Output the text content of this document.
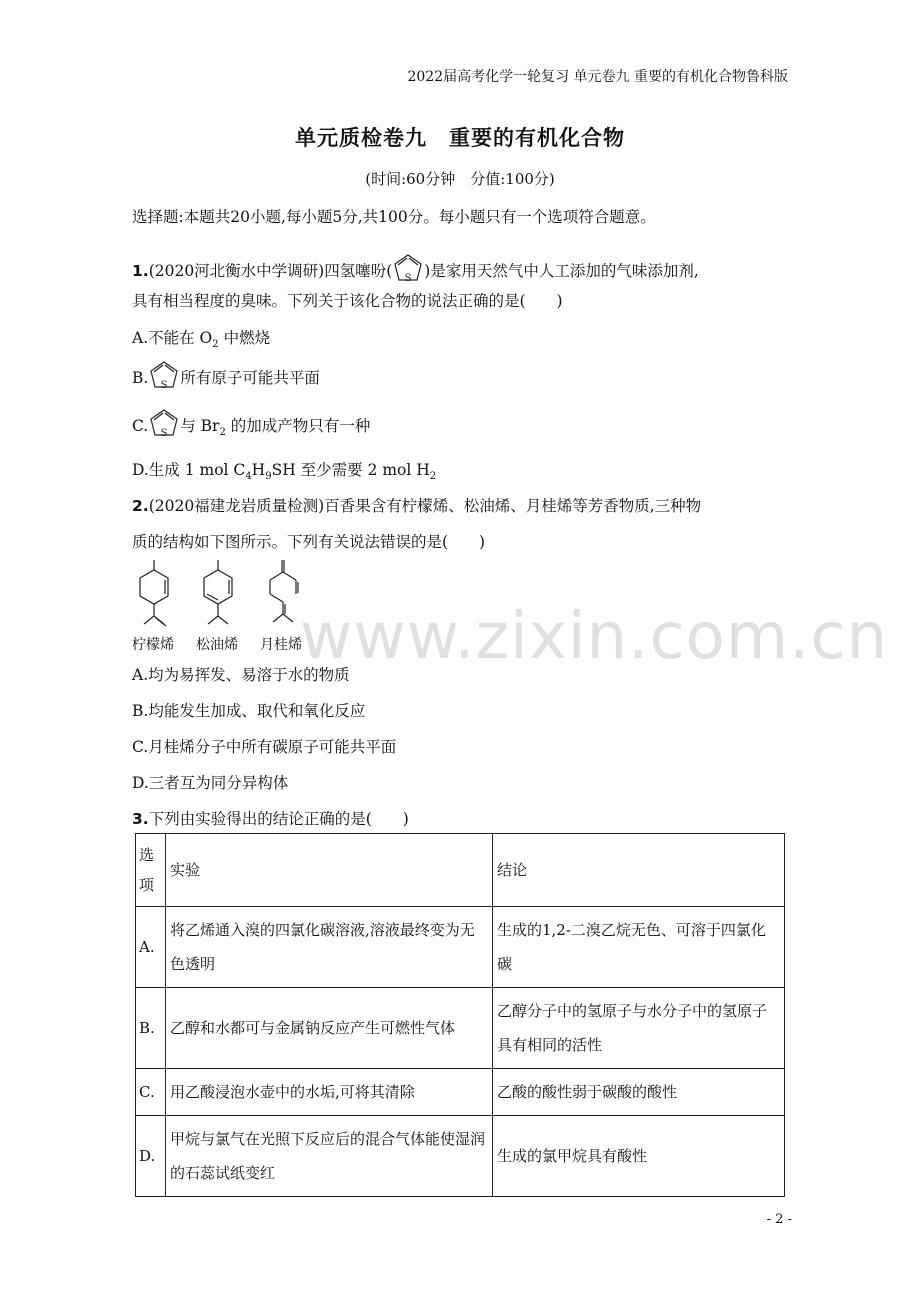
2022届高考化学一轮复习 单元卷九 重要的有机化合物鲁科版
单元质检卷九　重要的有机化合物
(时间:60分钟　分值:100分)
选择题:本题共20小题,每小题5分,共100分。每小题只有一个选项符合题意。
1.(2020河北衡水中学调研)四氢噻吩( S )是家用天然气中人工添加的气味添加剂,
具有相当程度的臭味。下列关于该化合物的说法正确的是(　　)
A.不能在 $O_2$ 中燃烧
B. S 所有原子可能共平面
C. S 与 $Br_2$ 的加成产物只有一种
D.生成 1 mol $C_4H_9SH$ 至少需要 2 mol $H_2$
2.(2020福建龙岩质量检测)百香果含有柠檬烯、松油烯、月桂烯等芳香物质,三种物
质的结构如下图所示。下列有关说法错误的是(　　)
柠檬烯 松油烯 月桂烯
www.zixin.com.cn
A.均为易挥发、易溶于水的物质
B.均能发生加成、取代和氧化反应
C.月桂烯分子中所有碳原子可能共平面
D.三者互为同分异构体
3.下列由实验得出的结论正确的是(　　)
选项	实验	结论
A.	将乙烯通入溴的四氯化碳溶液,溶液最终变为无色透明	生成的1,2-二溴乙烷无色、可溶于四氯化碳
B.	乙醇和水都可与金属钠反应产生可燃性气体	乙醇分子中的氢原子与水分子中的氢原子具有相同的活性
C.	用乙酸浸泡水壶中的水垢,可将其清除	乙酸的酸性弱于碳酸的酸性
D.	甲烷与氯气在光照下反应后的混合气体能使湿润的石蕊试纸变红	生成的氯甲烷具有酸性
- 2 -
